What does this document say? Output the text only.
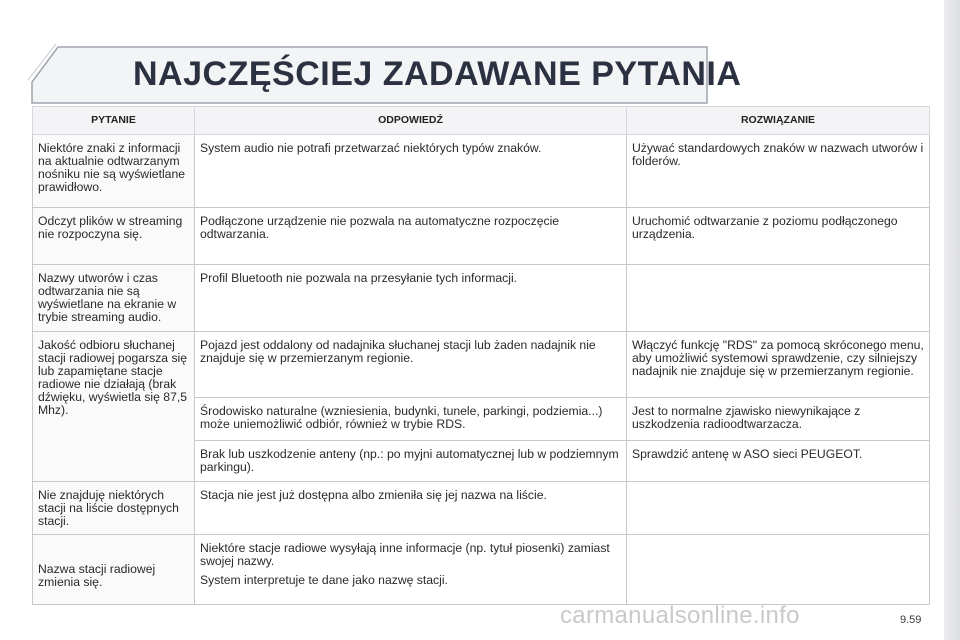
NAJCZĘŚCIEJ ZADAWANE PYTANIA
PYTANIE	ODPOWIEDŹ	ROZWIĄZANIE
Niektóre znaki z informacji na aktualnie odtwarzanym nośniku nie są wyświetlane prawidłowo.	System audio nie potrafi przetwarzać niektórych typów znaków.	Używać standardowych znaków w nazwach utworów i folderów.
Odczyt plików w streaming nie rozpoczyna się.	Podłączone urządzenie nie pozwala na automatyczne rozpoczęcie odtwarzania.	Uruchomić odtwarzanie z poziomu podłączonego urządzenia.
Nazwy utworów i czas odtwarzania nie są wyświetlane na ekranie w trybie streaming audio.	Profil Bluetooth nie pozwala na przesyłanie tych informacji.	
Jakość odbioru słuchanej stacji radiowej pogarsza się lub zapamiętane stacje radiowe nie działają (brak dźwięku, wyświetla się 87,5 Mhz).	Pojazd jest oddalony od nadajnika słuchanej stacji lub żaden nadajnik nie znajduje się w przemierzanym regionie.	Włączyć funkcję "RDS" za pomocą skróconego menu, aby umożliwić systemowi sprawdzenie, czy silniejszy nadajnik nie znajduje się w przemierzanym regionie.
	Środowisko naturalne (wzniesienia, budynki, tunele, parkingi, podziemia...) może uniemożliwić odbiór, również w trybie RDS.	Jest to normalne zjawisko niewynikające z uszkodzenia radioodtwarzacza.
	Brak lub uszkodzenie anteny (np.: po myjni automatycznej lub w podziemnym parkingu).	Sprawdzić antenę w ASO sieci PEUGEOT.
Nie znajduję niektórych stacji na liście dostępnych stacji.	Stacja nie jest już dostępna albo zmieniła się jej nazwa na liście.	
Nazwa stacji radiowej zmienia się.	Niektóre stacje radiowe wysyłają inne informacje (np. tytuł piosenki) zamiast swojej nazwy.
System interpretuje te dane jako nazwę stacji.	
carmanualsonline.info	9.59
